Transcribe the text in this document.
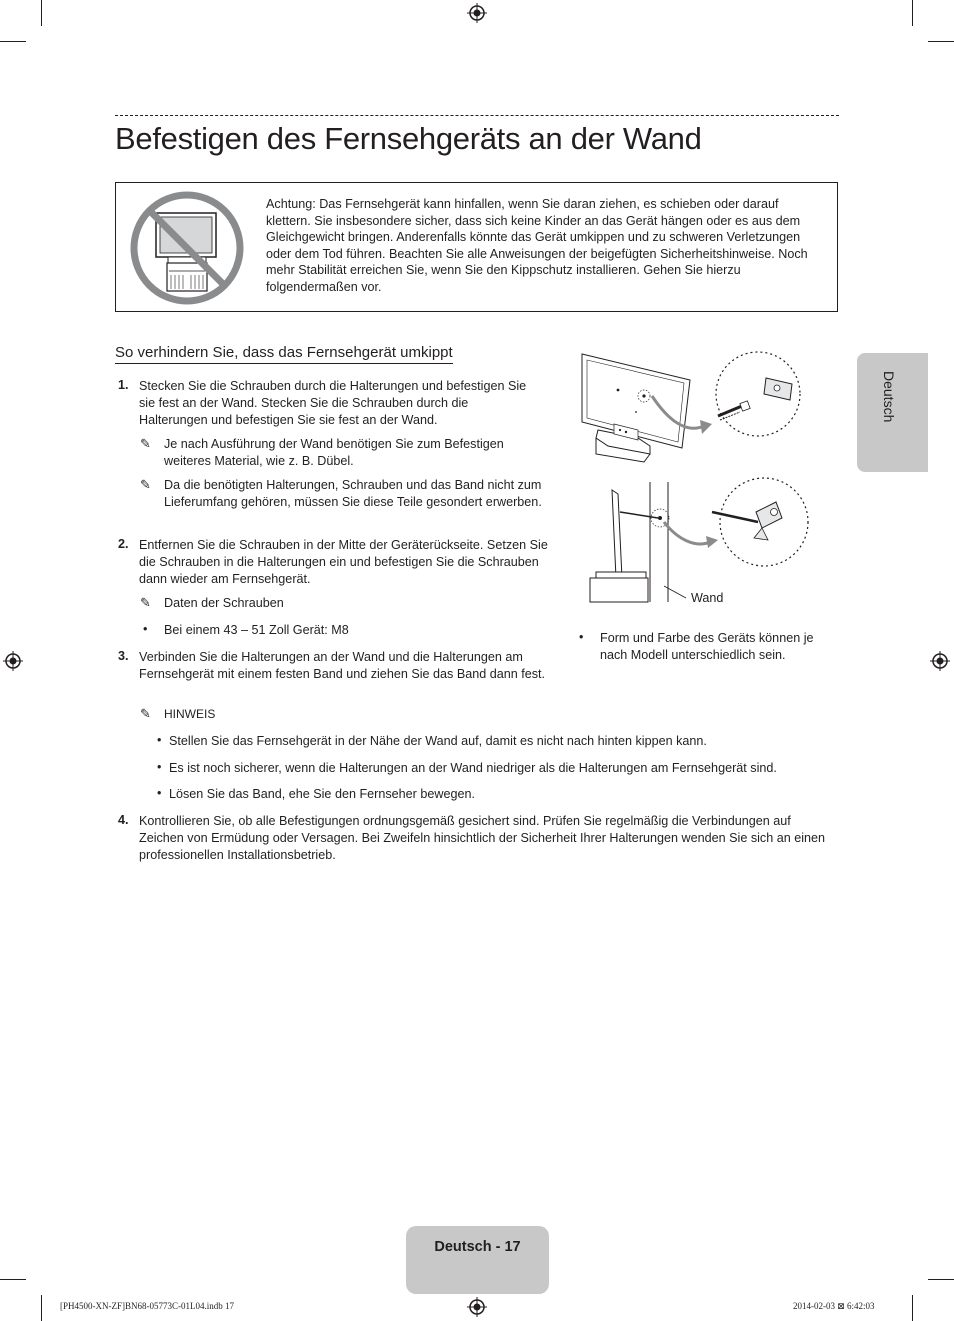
Befestigen des Fernsehgeräts an der Wand
Achtung: Das Fernsehgerät kann hinfallen, wenn Sie daran ziehen, es schieben oder darauf klettern. Sie insbesondere sicher, dass sich keine Kinder an das Gerät hängen oder es aus dem Gleichgewicht bringen. Anderenfalls könnte das Gerät umkippen und zu schweren Verletzungen oder dem Tod führen. Beachten Sie alle Anweisungen der beigefügten Sicherheitshinweise. Noch mehr Stabilität erreichen Sie, wenn Sie den Kippschutz installieren. Gehen Sie hierzu folgendermaßen vor.
So verhindern Sie, dass das Fernsehgerät umkippt
1. Stecken Sie die Schrauben durch die Halterungen und befestigen Sie sie fest an der Wand. Stecken Sie die Schrauben durch die Halterungen und befestigen Sie sie fest an der Wand.
✎ Je nach Ausführung der Wand benötigen Sie zum Befestigen weiteres Material, wie z. B. Dübel.
✎ Da die benötigten Halterungen, Schrauben und das Band nicht zum Lieferumfang gehören, müssen Sie diese Teile gesondert erwerben.
2. Entfernen Sie die Schrauben in der Mitte der Geräterückseite. Setzen Sie die Schrauben in die Halterungen ein und befestigen Sie die Schrauben dann wieder am Fernsehgerät.
✎ Daten der Schrauben
• Bei einem 43 – 51 Zoll Gerät: M8
3. Verbinden Sie die Halterungen an der Wand und die Halterungen am Fernsehgerät mit einem festen Band und ziehen Sie das Band dann fest.
✎ HINWEIS
• Stellen Sie das Fernsehgerät in der Nähe der Wand auf, damit es nicht nach hinten kippen kann.
• Es ist noch sicherer, wenn die Halterungen an der Wand niedriger als die Halterungen am Fernsehgerät sind.
• Lösen Sie das Band, ehe Sie den Fernseher bewegen.
4. Kontrollieren Sie, ob alle Befestigungen ordnungsgemäß gesichert sind. Prüfen Sie regelmäßig die Verbindungen auf Zeichen von Ermüdung oder Versagen. Bei Zweifeln hinsichtlich der Sicherheit Ihrer Halterungen wenden Sie sich an einen professionellen Installationsbetrieb.
Wand
• Form und Farbe des Geräts können je nach Modell unterschiedlich sein.
Deutsch
Deutsch - 17
[PH4500-XN-ZF]BN68-05773C-01L04.indb 17	2014-02-03 ⊠ 6:42:03
